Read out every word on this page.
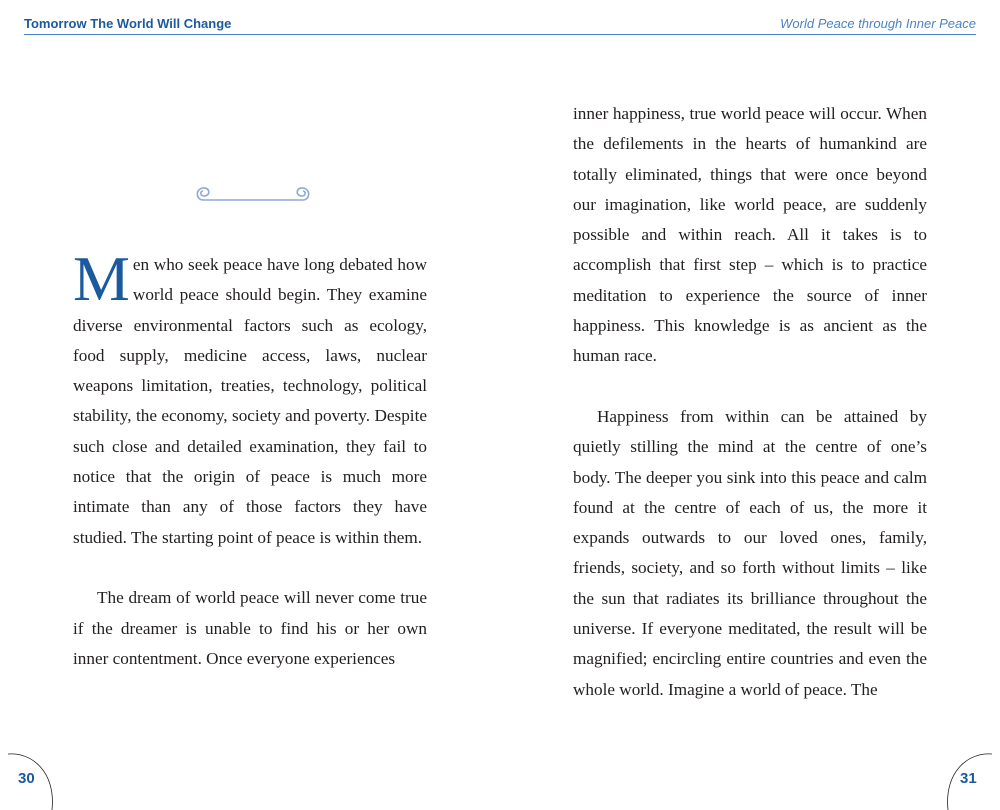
Tomorrow The World Will Change	World Peace through Inner Peace

Men who seek peace have long debated how world peace should begin. They examine diverse environmental factors such as ecology, food supply, medicine access, laws, nuclear weapons limitation, treaties, technology, political stability, the economy, society and poverty. Despite such close and detailed examination, they fail to notice that the origin of peace is much more intimate than any of those factors they have studied. The starting point of peace is within them.

The dream of world peace will never come true if the dreamer is unable to find his or her own inner contentment. Once everyone experiences

inner happiness, true world peace will occur. When the defilements in the hearts of humankind are totally eliminated, things that were once beyond our imagination, like world peace, are suddenly possible and within reach. All it takes is to accomplish that first step – which is to practice meditation to experience the source of inner happiness. This knowledge is as ancient as the human race.

Happiness from within can be attained by quietly stilling the mind at the centre of one’s body. The deeper you sink into this peace and calm found at the centre of each of us, the more it expands outwards to our loved ones, family, friends, society, and so forth without limits – like the sun that radiates its brilliance throughout the universe. If everyone meditated, the result will be magnified; encircling entire countries and even the whole world. Imagine a world of peace. The

30	31
